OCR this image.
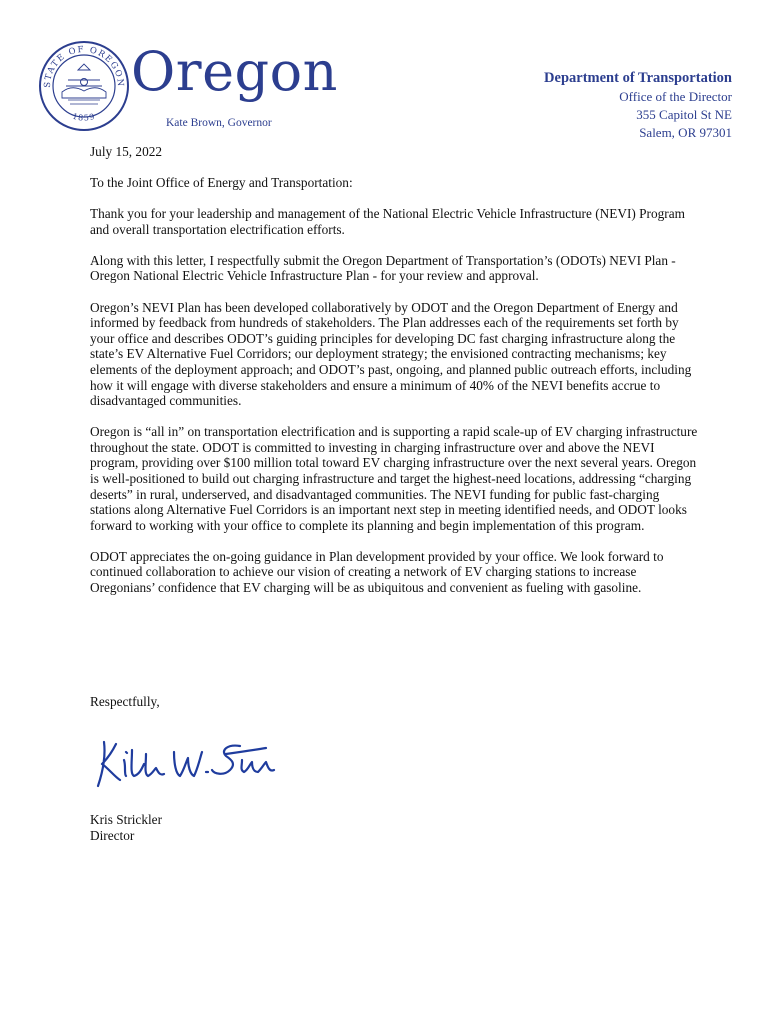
STATE OF OREGON
1859
Oregon
Kate Brown, Governor
Department of Transportation
Office of the Director
355 Capitol St NE
Salem, OR 97301

July 15, 2022

To the Joint Office of Energy and Transportation:

Thank you for your leadership and management of the National Electric Vehicle Infrastructure (NEVI) Program and overall transportation electrification efforts.

Along with this letter, I respectfully submit the Oregon Department of Transportation’s (ODOTs) NEVI Plan - Oregon National Electric Vehicle Infrastructure Plan - for your review and approval.

Oregon’s NEVI Plan has been developed collaboratively by ODOT and the Oregon Department of Energy and informed by feedback from hundreds of stakeholders. The Plan addresses each of the requirements set forth by your office and describes ODOT’s guiding principles for developing DC fast charging infrastructure along the state’s EV Alternative Fuel Corridors; our deployment strategy; the envisioned contracting mechanisms; key elements of the deployment approach; and ODOT’s past, ongoing, and planned public outreach efforts, including how it will engage with diverse stakeholders and ensure a minimum of 40% of the NEVI benefits accrue to disadvantaged communities.

Oregon is “all in” on transportation electrification and is supporting a rapid scale-up of EV charging infrastructure throughout the state. ODOT is committed to investing in charging infrastructure over and above the NEVI program, providing over $100 million total toward EV charging infrastructure over the next several years. Oregon is well-positioned to build out charging infrastructure and target the highest-need locations, addressing “charging deserts” in rural, underserved, and disadvantaged communities. The NEVI funding for public fast-charging stations along Alternative Fuel Corridors is an important next step in meeting identified needs, and ODOT looks forward to working with your office to complete its planning and begin implementation of this program.

ODOT appreciates the on-going guidance in Plan development provided by your office. We look forward to continued collaboration to achieve our vision of creating a network of EV charging stations to increase Oregonians’ confidence that EV charging will be as ubiquitous and convenient as fueling with gasoline.

Respectfully,
Kris Strickler
Director
